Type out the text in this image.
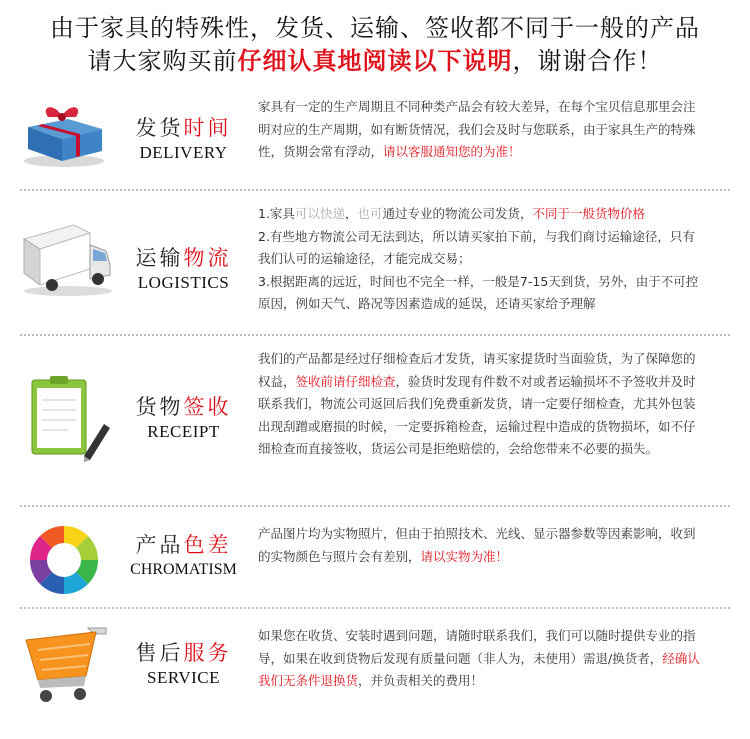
由于家具的特殊性，发货、运输、签收都不同于一般的产品
请大家购买前仔细认真地阅读以下说明，谢谢合作！
发货时间
DELIVERY

家具有一定的生产周期且不同种类产品会有较大差异，在每个宝贝信息那里会注明对应的生产周期，如有断货情况，我们会及时与您联系，由于家具生产的特殊性，货期会常有浮动，请以客服通知您的为准！

运输物流
LOGISTICS

1.家具可以快递，也可通过专业的物流公司发货，不同于一般货物价格

2.有些地方物流公司无法到达，所以请买家拍下前，与我们商讨运输途径，只有我们认可的运输途径，才能完成交易；

3.根据距离的远近，时间也不完全一样，一般是7-15天到货，另外，由于不可控原因，例如天气、路况等因素造成的延误，还请买家给予理解

货物签收
RECEIPT

我们的产品都是经过仔细检查后才发货，请买家提货时当面验货，为了保障您的权益，签收前请仔细检查，验货时发现有件数不对或者运输损坏不予签收并及时联系我们，物流公司返回后我们免费重新发货，请一定要仔细检查，尤其外包装出现刮蹭或磨损的时候，一定要拆箱检查，运输过程中造成的货物损坏，如不仔细检查而直接签收，货运公司是拒绝赔偿的，会给您带来不必要的损失。

产品色差
CHROMATISM

产品图片均为实物照片，但由于拍照技术、光线、显示器参数等因素影响，收到的实物颜色与照片会有差别，请以实物为准！

售后服务
SERVICE

如果您在收货、安装时遇到问题，请随时联系我们，我们可以随时提供专业的指导，如果在收到货物后发现有质量问题（非人为，未使用）需退/换货者，经确认我们无条件退换货，并负责相关的费用！
